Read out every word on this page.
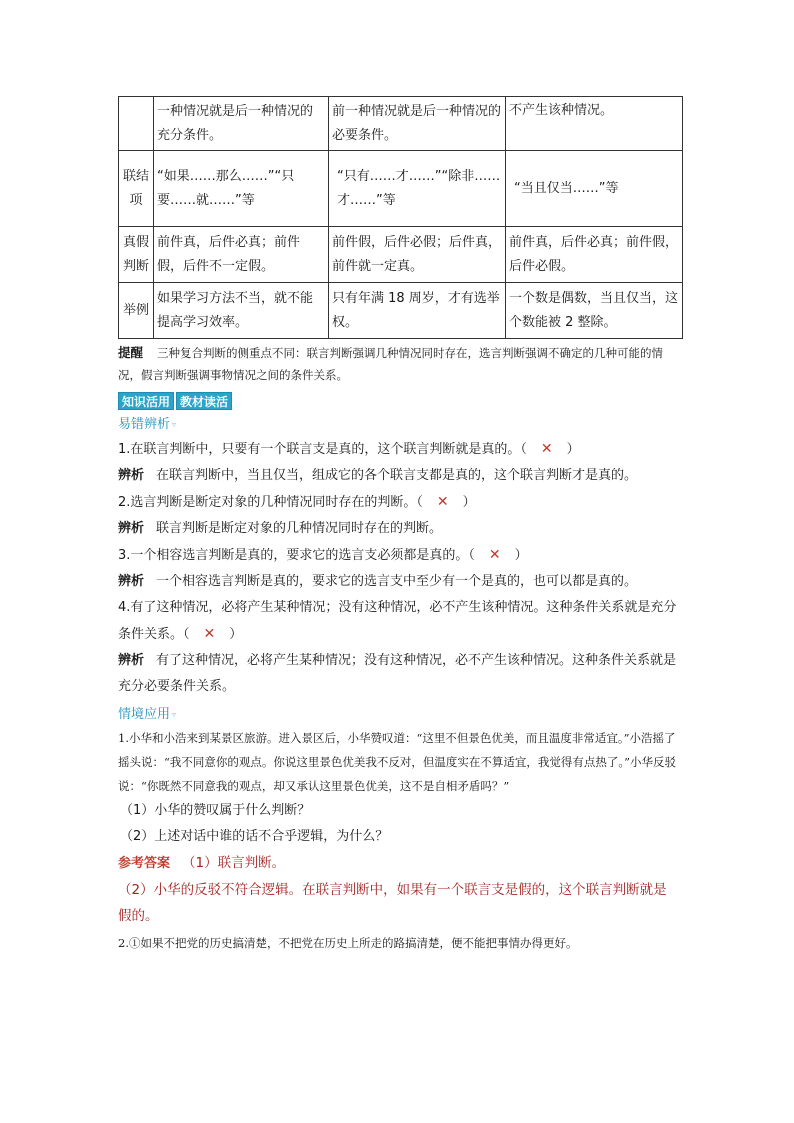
	一种情况就是后一种情况的充分条件。	前一种情况就是后一种情况的必要条件。	不产生该种情况。
联结项	“如果……那么……”“只要……就……”等	“只有……才……”“除非……才……”等	“当且仅当……”等
真假判断	前件真，后件必真；前件假，后件不一定假。	前件假，后件必假；后件真，前件就一定真。	前件真，后件必真；前件假，后件必假。
举例	如果学习方法不当，就不能提高学习效率。	只有年满 18 周岁，才有选举权。	一个数是偶数，当且仅当，这个数能被 2 整除。
提醒 三种复合判断的侧重点不同：联言判断强调几种情况同时存在，选言判断强调不确定的几种可能的情况，假言判断强调事物情况之间的条件关系。
知识活用 教材读活
易错辨析 ▿
1.在联言判断中，只要有一个联言支是真的，这个联言判断就是真的。（ ✕ ）
辨析 在联言判断中，当且仅当，组成它的各个联言支都是真的，这个联言判断才是真的。
2.选言判断是断定对象的几种情况同时存在的判断。（ ✕ ）
辨析 联言判断是断定对象的几种情况同时存在的判断。
3.一个相容选言判断是真的，要求它的选言支必须都是真的。（ ✕ ）
辨析 一个相容选言判断是真的，要求它的选言支中至少有一个是真的，也可以都是真的。
4.有了这种情况，必将产生某种情况；没有这种情况，必不产生该种情况。这种条件关系就是充分条件关系。（ ✕ ）
辨析 有了这种情况，必将产生某种情况；没有这种情况，必不产生该种情况。这种条件关系就是充分必要条件关系。
情境应用 ▿
1.小华和小浩来到某景区旅游。进入景区后，小华赞叹道：“这里不但景色优美，而且温度非常适宜。”小浩摇了摇头说：“我不同意你的观点。你说这里景色优美我不反对，但温度实在不算适宜，我觉得有点热了。”小华反驳说：“你既然不同意我的观点，却又承认这里景色优美，这不是自相矛盾吗？”
（1）小华的赞叹属于什么判断？
（2）上述对话中谁的话不合乎逻辑，为什么？
参考答案 （1）联言判断。
（2）小华的反驳不符合逻辑。在联言判断中，如果有一个联言支是假的，这个联言判断就是假的。
2.①如果不把党的历史搞清楚，不把党在历史上所走的路搞清楚，便不能把事情办得更好。
